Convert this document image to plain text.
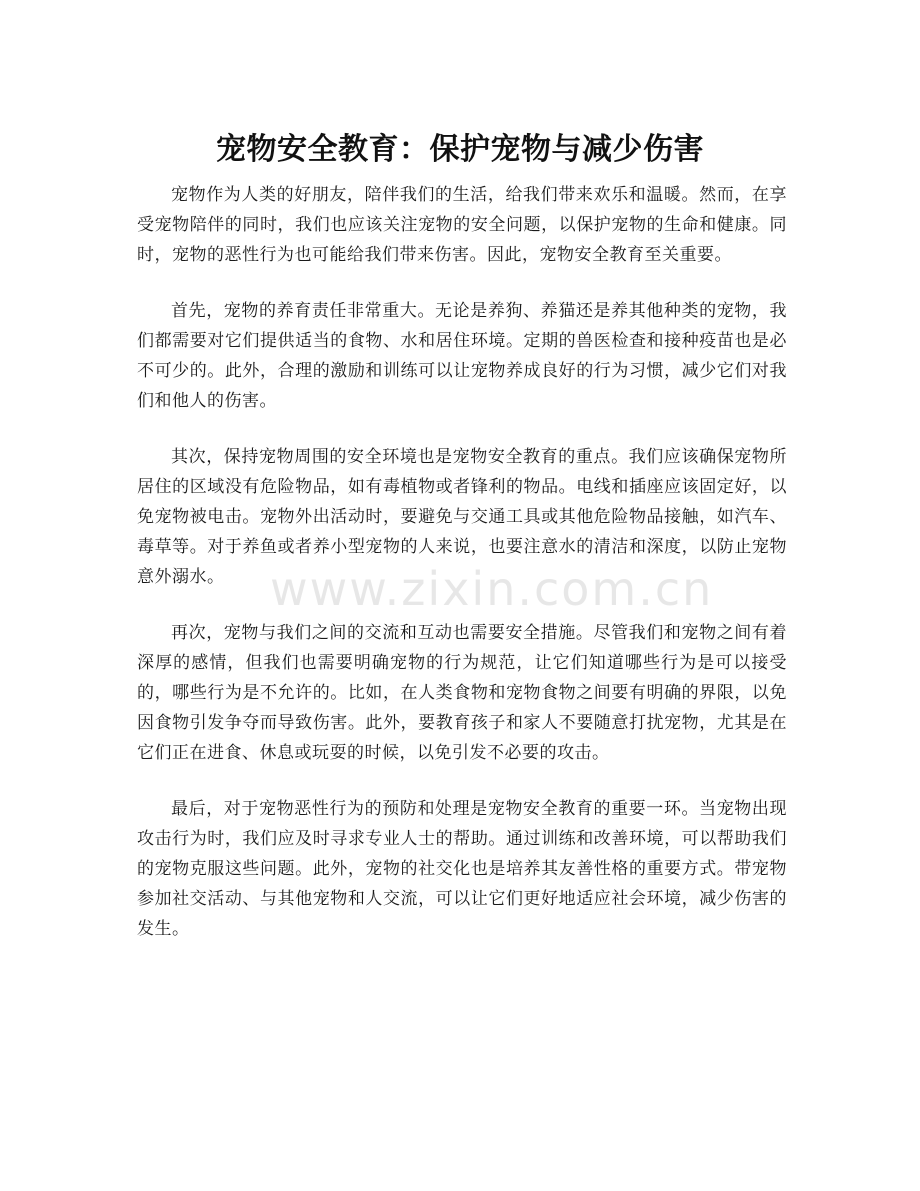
宠物安全教育：保护宠物与减少伤害

宠物作为人类的好朋友，陪伴我们的生活，给我们带来欢乐和温暖。然而，在享受宠物陪伴的同时，我们也应该关注宠物的安全问题，以保护宠物的生命和健康。同时，宠物的恶性行为也可能给我们带来伤害。因此，宠物安全教育至关重要。

首先，宠物的养育责任非常重大。无论是养狗、养猫还是养其他种类的宠物，我们都需要对它们提供适当的食物、水和居住环境。定期的兽医检查和接种疫苗也是必不可少的。此外，合理的激励和训练可以让宠物养成良好的行为习惯，减少它们对我们和他人的伤害。

其次，保持宠物周围的安全环境也是宠物安全教育的重点。我们应该确保宠物所居住的区域没有危险物品，如有毒植物或者锋利的物品。电线和插座应该固定好，以免宠物被电击。宠物外出活动时，要避免与交通工具或其他危险物品接触，如汽车、毒草等。对于养鱼或者养小型宠物的人来说，也要注意水的清洁和深度，以防止宠物意外溺水。

再次，宠物与我们之间的交流和互动也需要安全措施。尽管我们和宠物之间有着深厚的感情，但我们也需要明确宠物的行为规范，让它们知道哪些行为是可以接受的，哪些行为是不允许的。比如，在人类食物和宠物食物之间要有明确的界限，以免因食物引发争夺而导致伤害。此外，要教育孩子和家人不要随意打扰宠物，尤其是在它们正在进食、休息或玩耍的时候，以免引发不必要的攻击。

最后，对于宠物恶性行为的预防和处理是宠物安全教育的重要一环。当宠物出现攻击行为时，我们应及时寻求专业人士的帮助。通过训练和改善环境，可以帮助我们的宠物克服这些问题。此外，宠物的社交化也是培养其友善性格的重要方式。带宠物参加社交活动、与其他宠物和人交流，可以让它们更好地适应社会环境，减少伤害的发生。

www.zixin.com.cn
